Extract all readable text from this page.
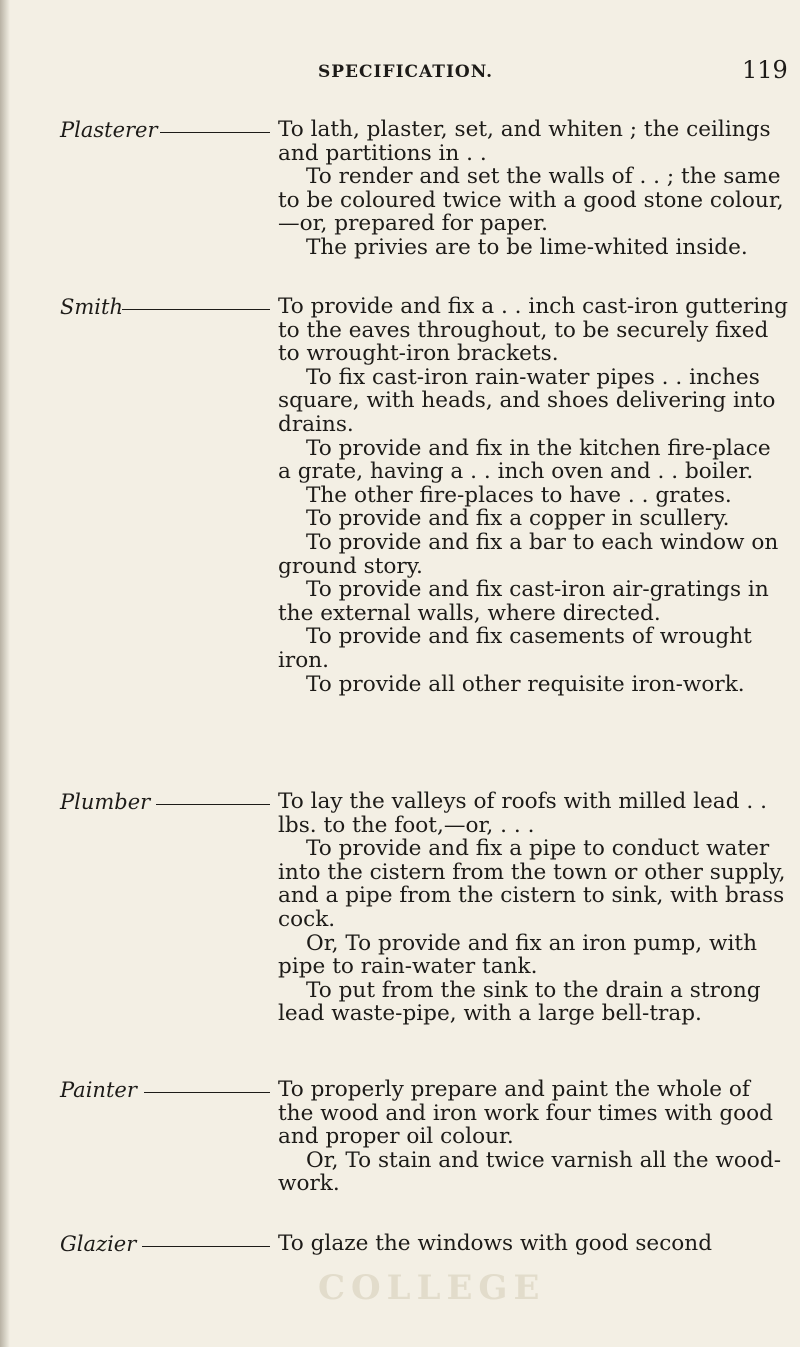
SPECIFICATION.	119
Plasterer	To lath, plaster, set, and whiten ; the ceilings and partitions in . .

To render and set the walls of . . ; the same to be coloured twice with a good stone colour,—or, prepared for paper.

The privies are to be lime-whited inside.

Smith	To provide and fix a . . inch cast-iron guttering to the eaves throughout, to be securely fixed to wrought-iron brackets.

To fix cast-iron rain-water pipes . . inches square, with heads, and shoes delivering into drains.

To provide and fix in the kitchen fire-place a grate, having a . . inch oven and . . boiler.

The other fire-places to have . . grates.

To provide and fix a copper in scullery.

To provide and fix a bar to each window on ground story.

To provide and fix cast-iron air-gratings in the external walls, where directed.

To provide and fix casements of wrought iron.

To provide all other requisite iron-work.

Plumber	To lay the valleys of roofs with milled lead . . lbs. to the foot,—or, . . .

To provide and fix a pipe to conduct water into the cistern from the town or other supply, and a pipe from the cistern to sink, with brass cock.

Or, To provide and fix an iron pump, with pipe to rain-water tank.

To put from the sink to the drain a strong lead waste-pipe, with a large bell-trap.

Painter	To properly prepare and paint the whole of the wood and iron work four times with good and proper oil colour.

Or, To stain and twice varnish all the wood-work.

Glazier	To glaze the windows with good second

COLLEGE
